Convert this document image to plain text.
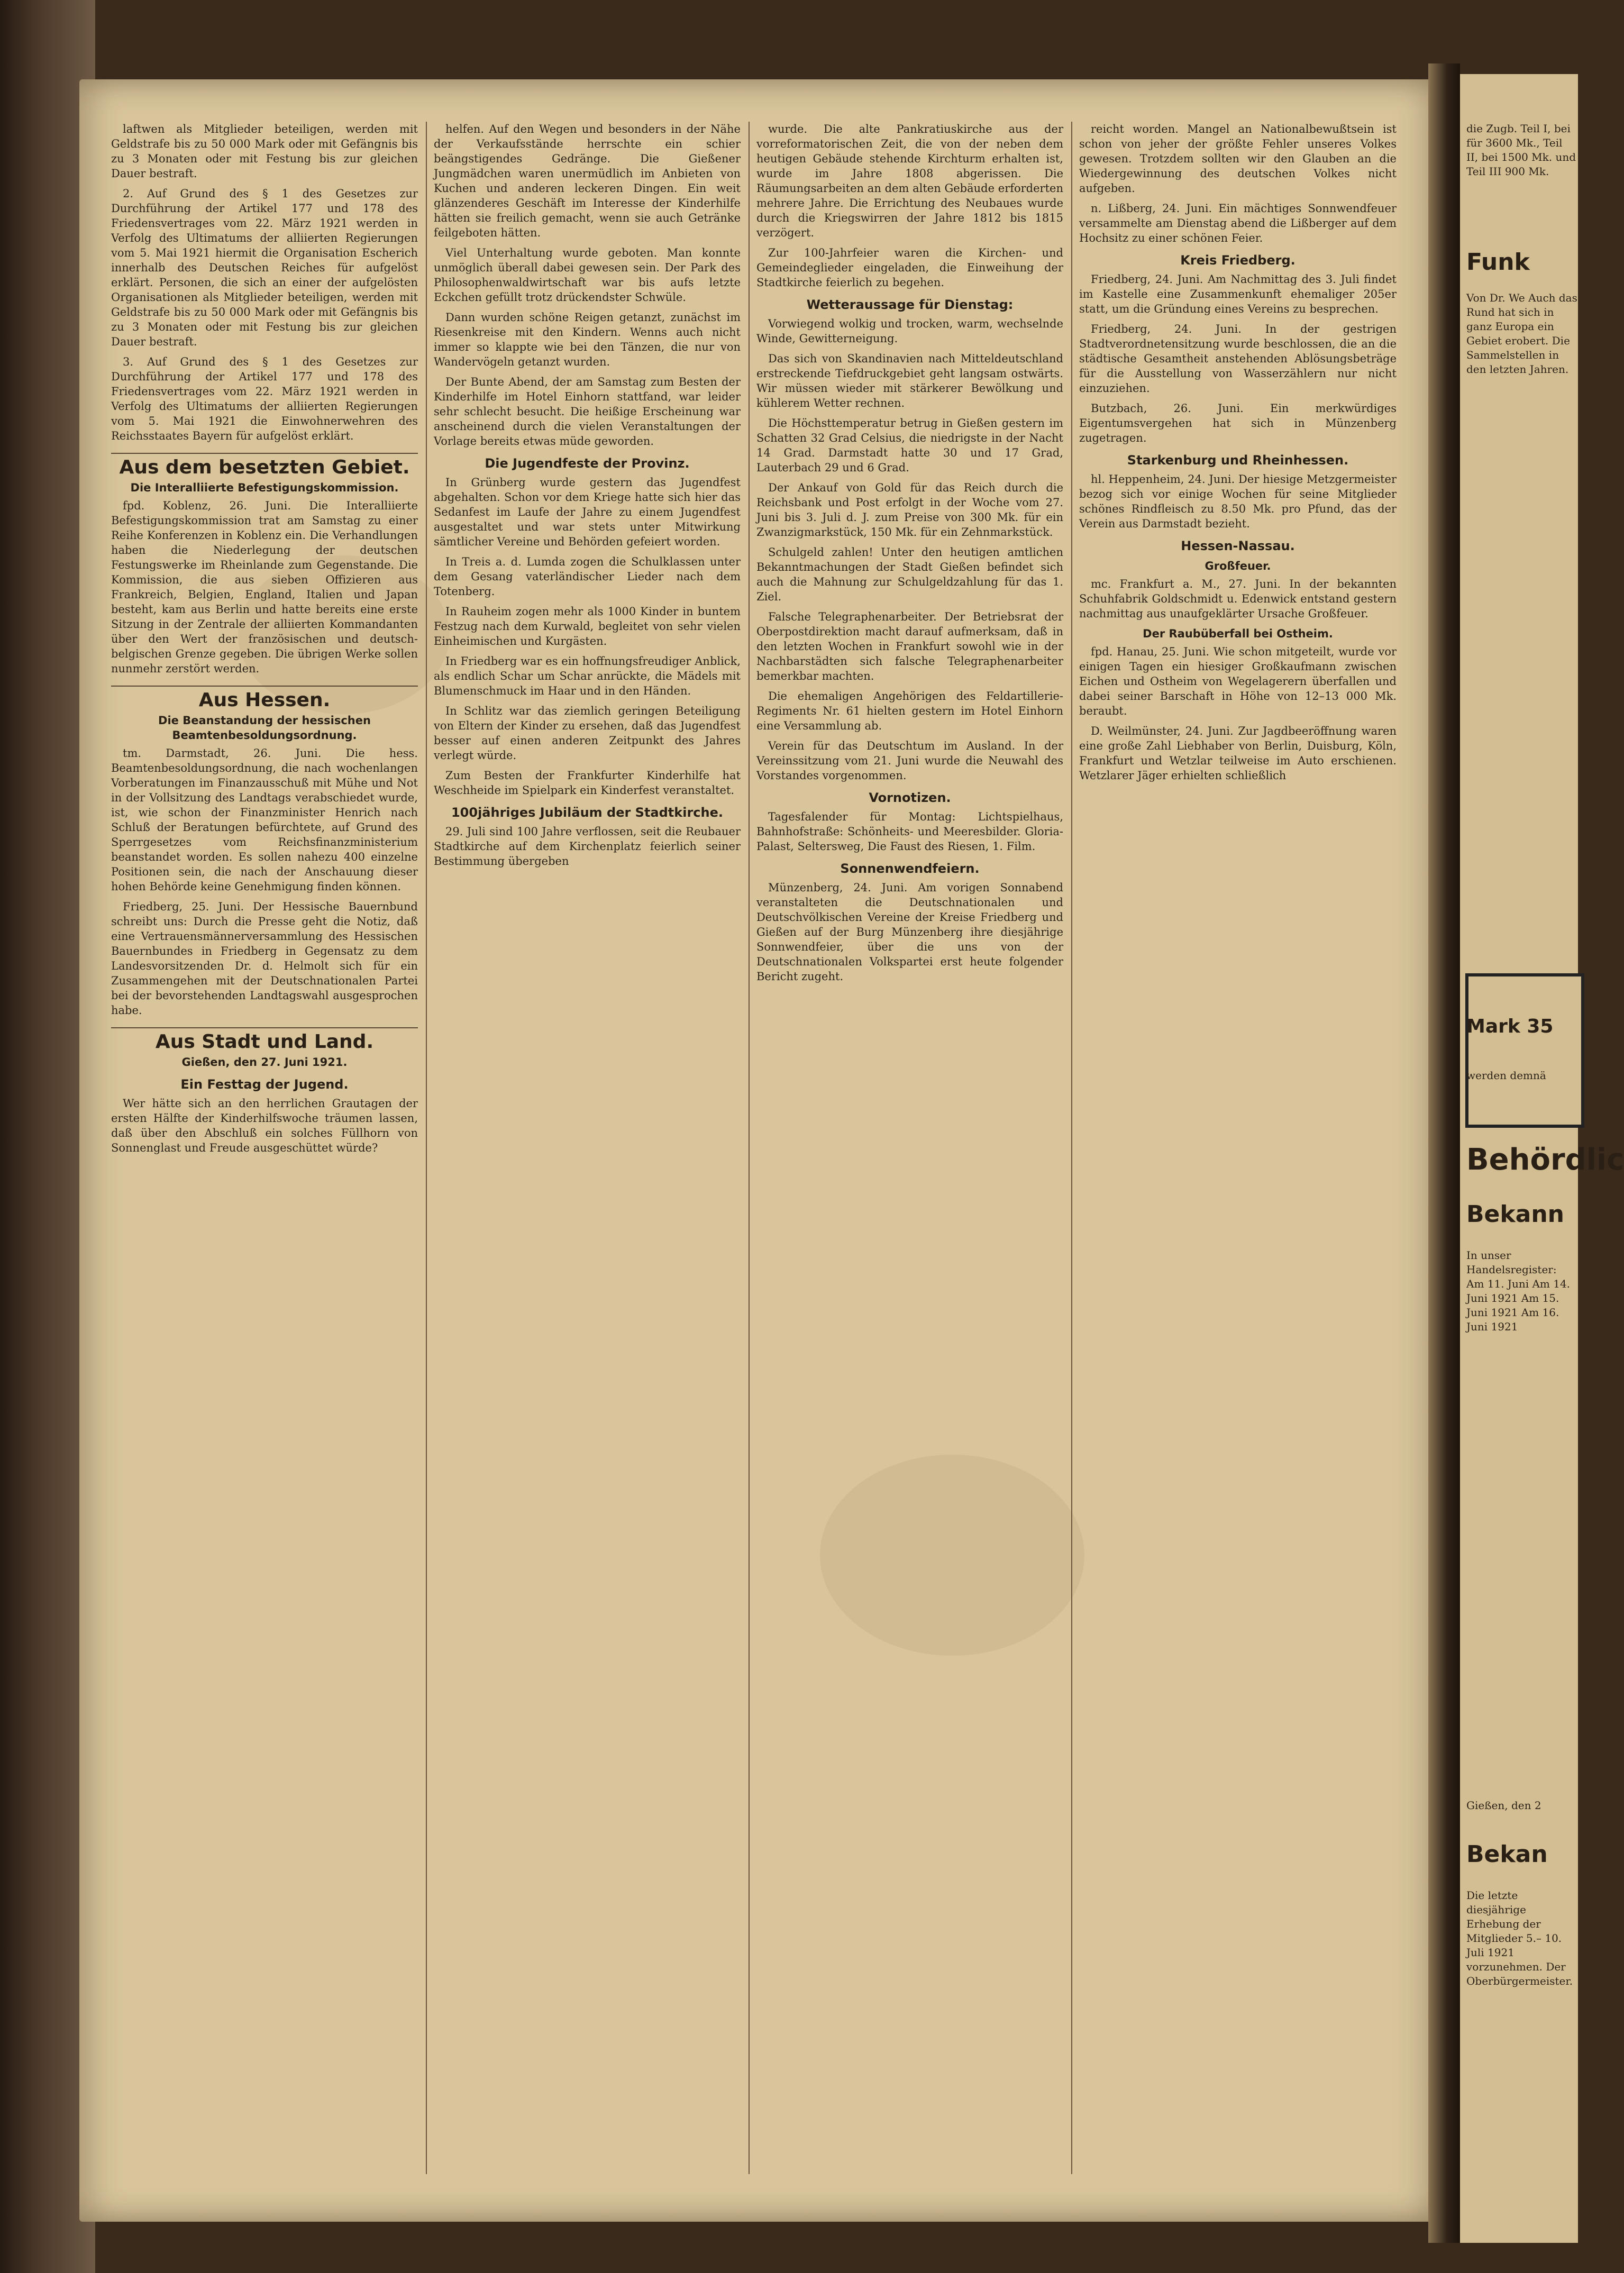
laftwen als Mitglieder beteiligen, werden mit Geldstrafe bis zu 50 000 Mark oder mit Gefängnis bis zu 3 Monaten oder mit Festung bis zur gleichen Dauer bestraft.

2. Auf Grund des § 1 des Gesetzes zur Durchführung der Artikel 177 und 178 des Friedensvertrages vom 22. März 1921 werden in Verfolg des Ultimatums der alliierten Regierungen vom 5. Mai 1921 hiermit die Organisation Escherich innerhalb des Deutschen Reiches für aufgelöst erklärt. Personen, die sich an einer der aufgelösten Organisationen als Mitglieder beteiligen, werden mit Geldstrafe bis zu 50 000 Mark oder mit Gefängnis bis zu 3 Monaten oder mit Festung bis zur gleichen Dauer bestraft.

3. Auf Grund des § 1 des Gesetzes zur Durchführung der Artikel 177 und 178 des Friedensvertrages vom 22. März 1921 werden in Verfolg des Ultimatums der alliierten Regierungen vom 5. Mai 1921 die Einwohnerwehren des Reichsstaates Bayern für aufgelöst erklärt.

Aus dem besetzten Gebiet.
Die Interalliierte Befestigungskommission.

fpd. Koblenz, 26. Juni. Die Interalliierte Befestigungskommission trat am Samstag zu einer Reihe Konferenzen in Koblenz ein. Die Verhandlungen haben die Niederlegung der deutschen Festungswerke im Rheinlande zum Gegenstande. Die Kommission, die aus sieben Offizieren aus Frankreich, Belgien, England, Italien und Japan besteht, kam aus Berlin und hatte bereits eine erste Sitzung in der Zentrale der alliierten Kommandanten über den Wert der französischen und deutsch-belgischen Grenze gegeben. Die übrigen Werke sollen nunmehr zerstört werden.

Aus Hessen.
Die Beanstandung der hessischen Beamtenbesoldungsordnung.

tm. Darmstadt, 26. Juni. Die hess. Beamtenbesoldungsordnung, die nach wochenlangen Vorberatungen im Finanzausschuß mit Mühe und Not in der Vollsitzung des Landtags verabschiedet wurde, ist, wie schon der Finanzminister Henrich nach Schluß der Beratungen befürchtete, auf Grund des Sperrgesetzes vom Reichsfinanzministerium beanstandet worden. Es sollen nahezu 400 einzelne Positionen sein, die nach der Anschauung dieser hohen Behörde keine Genehmigung finden können.

Friedberg, 25. Juni. Der Hessische Bauernbund schreibt uns: Durch die Presse geht die Notiz, daß eine Vertrauensmännerversammlung des Hessischen Bauernbundes in Friedberg in Gegensatz zu dem Landesvorsitzenden Dr. d. Helmolt sich für ein Zusammengehen mit der Deutschnationalen Partei bei der bevorstehenden Landtagswahl ausgesprochen habe.

Aus Stadt und Land.
Gießen, den 27. Juni 1921.
Ein Festtag der Jugend.

Wer hätte sich an den herrlichen Grautagen der ersten Hälfte der Kinderhilfswoche träumen lassen, daß über den Abschluß ein solches Füllhorn von Sonnenglast und Freude ausgeschüttet würde?

helfen. Auf den Wegen und besonders in der Nähe der Verkaufsstände herrschte ein schier beängstigendes Gedränge. Die Gießener Jungmädchen waren unermüdlich im Anbieten von Kuchen und anderen leckeren Dingen. Ein weit glänzenderes Geschäft im Interesse der Kinderhilfe hätten sie freilich gemacht, wenn sie auch Getränke feilgeboten hätten.

Viel Unterhaltung wurde geboten. Man konnte unmöglich überall dabei gewesen sein. Der Park des Philosophenwaldwirtschaft war bis aufs letzte Eckchen gefüllt trotz drückendster Schwüle.

Dann wurden schöne Reigen getanzt, zunächst im Riesenkreise mit den Kindern. Wenns auch nicht immer so klappte wie bei den Tänzen, die nur von Wandervögeln getanzt wurden.

Der Bunte Abend, der am Samstag zum Besten der Kinderhilfe im Hotel Einhorn stattfand, war leider sehr schlecht besucht. Die heißige Erscheinung war anscheinend durch die vielen Veranstaltungen der Vorlage bereits etwas müde geworden.

Die Jugendfeste der Provinz.

In Grünberg wurde gestern das Jugendfest abgehalten. Schon vor dem Kriege hatte sich hier das Sedanfest im Laufe der Jahre zu einem Jugendfest ausgestaltet und war stets unter Mitwirkung sämtlicher Vereine und Behörden gefeiert worden.

In Treis a. d. Lumda zogen die Schulklassen unter dem Gesang vaterländischer Lieder nach dem Totenberg.

In Rauheim zogen mehr als 1000 Kinder in buntem Festzug nach dem Kurwald, begleitet von sehr vielen Einheimischen und Kurgästen.

In Friedberg war es ein hoffnungsfreudiger Anblick, als endlich Schar um Schar anrückte, die Mädels mit Blumenschmuck im Haar und in den Händen.

In Schlitz war das ziemlich geringen Beteiligung von Eltern der Kinder zu ersehen, daß das Jugendfest besser auf einen anderen Zeitpunkt des Jahres verlegt würde.

Zum Besten der Frankfurter Kinderhilfe hat Weschheide im Spielpark ein Kinderfest veranstaltet.

100jähriges Jubiläum der Stadtkirche.

29. Juli sind 100 Jahre verflossen, seit die Reubauer Stadtkirche auf dem Kirchenplatz feierlich seiner Bestimmung übergeben

wurde. Die alte Pankratiuskirche aus der vorreformatorischen Zeit, die von der neben dem heutigen Gebäude stehende Kirchturm erhalten ist, wurde im Jahre 1808 abgerissen. Die Räumungsarbeiten an dem alten Gebäude erforderten mehrere Jahre. Die Errichtung des Neubaues wurde durch die Kriegswirren der Jahre 1812 bis 1815 verzögert.

Zur 100-Jahrfeier waren die Kirchen- und Gemeindeglieder eingeladen, die Einweihung der Stadtkirche feierlich zu begehen.

Wetteraussage für Dienstag:

Vorwiegend wolkig und trocken, warm, wechselnde Winde, Gewitterneigung.

Das sich von Skandinavien nach Mitteldeutschland erstreckende Tiefdruckgebiet geht langsam ostwärts. Wir müssen wieder mit stärkerer Bewölkung und kühlerem Wetter rechnen.

Die Höchsttemperatur betrug in Gießen gestern im Schatten 32 Grad Celsius, die niedrigste in der Nacht 14 Grad. Darmstadt hatte 30 und 17 Grad, Lauterbach 29 und 6 Grad.

Der Ankauf von Gold für das Reich durch die Reichsbank und Post erfolgt in der Woche vom 27. Juni bis 3. Juli d. J. zum Preise von 300 Mk. für ein Zwanzigmarkstück, 150 Mk. für ein Zehnmarkstück.

Schulgeld zahlen! Unter den heutigen amtlichen Bekanntmachungen der Stadt Gießen befindet sich auch die Mahnung zur Schulgeldzahlung für das 1. Ziel.

Falsche Telegraphenarbeiter. Der Betriebsrat der Oberpostdirektion macht darauf aufmerksam, daß in den letzten Wochen in Frankfurt sowohl wie in der Nachbarstädten sich falsche Telegraphenarbeiter bemerkbar machten.

Die ehemaligen Angehörigen des Feldartillerie-Regiments Nr. 61 hielten gestern im Hotel Einhorn eine Versammlung ab.

Verein für das Deutschtum im Ausland. In der Vereinssitzung vom 21. Juni wurde die Neuwahl des Vorstandes vorgenommen.

Vornotizen.

Tagesfalender für Montag: Lichtspielhaus, Bahnhofstraße: Schönheits- und Meeresbilder. Gloria-Palast, Seltersweg, Die Faust des Riesen, 1. Film.

Sonnenwendfeiern.

Münzenberg, 24. Juni. Am vorigen Sonnabend veranstalteten die Deutschnationalen und Deutschvölkischen Vereine der Kreise Friedberg und Gießen auf der Burg Münzenberg ihre diesjährige Sonnwendfeier, über die uns von der Deutschnationalen Volkspartei erst heute folgender Bericht zugeht.

reicht worden. Mangel an Nationalbewußtsein ist schon von jeher der größte Fehler unseres Volkes gewesen. Trotzdem sollten wir den Glauben an die Wiedergewinnung des deutschen Volkes nicht aufgeben.

n. Lißberg, 24. Juni. Ein mächtiges Sonnwendfeuer versammelte am Dienstag abend die Lißberger auf dem Hochsitz zu einer schönen Feier.

Kreis Friedberg.

Friedberg, 24. Juni. Am Nachmittag des 3. Juli findet im Kastelle eine Zusammenkunft ehemaliger 205er statt, um die Gründung eines Vereins zu besprechen.

Friedberg, 24. Juni. In der gestrigen Stadtverordnetensitzung wurde beschlossen, die an die städtische Gesamtheit anstehenden Ablösungsbeträge für die Ausstellung von Wasserzählern nur nicht einzuziehen.

Butzbach, 26. Juni. Ein merkwürdiges Eigentumsvergehen hat sich in Münzenberg zugetragen.

Starkenburg und Rheinhessen.

hl. Heppenheim, 24. Juni. Der hiesige Metzgermeister bezog sich vor einige Wochen für seine Mitglieder schönes Rindfleisch zu 8.50 Mk. pro Pfund, das der Verein aus Darmstadt bezieht.

Hessen-Nassau.
Großfeuer.

mc. Frankfurt a. M., 27. Juni. In der bekannten Schuhfabrik Goldschmidt u. Edenwick entstand gestern nachmittag aus unaufgeklärter Ursache Großfeuer.

Der Raubüberfall bei Ostheim.

fpd. Hanau, 25. Juni. Wie schon mitgeteilt, wurde vor einigen Tagen ein hiesiger Großkaufmann zwischen Eichen und Ostheim von Wegelagerern überfallen und dabei seiner Barschaft in Höhe von 12–13 000 Mk. beraubt.

D. Weilmünster, 24. Juni. Zur Jagdbeeröffnung waren eine große Zahl Liebhaber von Berlin, Duisburg, Köln, Frankfurt und Wetzlar teilweise im Auto erschienen. Wetzlarer Jäger erhielten schließlich

die Zugb. Teil I, bei für 3600 Mk., Teil II, bei 1500 Mk. und Teil III 900 Mk.
Funk
Von Dr. We Auch das Rund hat sich in ganz Europa ein Gebiet erobert. Die Sammelstellen in den letzten Jahren.
Mark 35
werden demnä
Behördlic
Bekann
In unser Handelsregister: Am 11. Juni Am 14. Juni 1921 Am 15. Juni 1921 Am 16. Juni 1921
Gießen, den 2
Bekan
Die letzte diesjährige Erhebung der Mitglieder 5.– 10. Juli 1921 vorzunehmen. Der Oberbürgermeister.
